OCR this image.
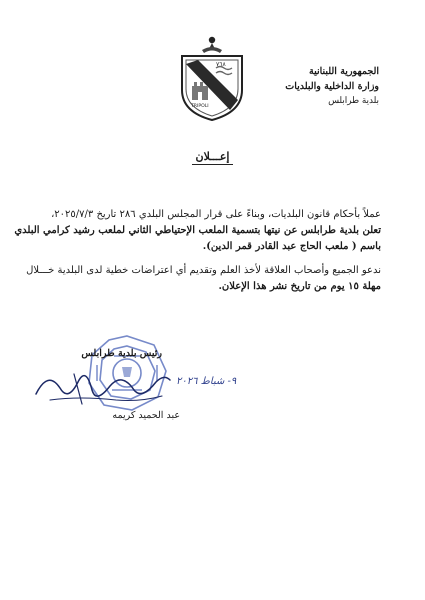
الجمهورية اللبنانية
وزارة الداخلية والبلديات
بلدية طرابلس
٧٦٨
TRIPOLI
إعـــلان

عملاً بأحكام قانون البلديات، وبناءً على قرار المجلس البلدي ٢٨٦ تاريخ ٢٠٢٥/٧/٣،

تعلن بلدية طرابلس عن نيتها بتسمية الملعب الإحتياطي الثاني لملعب رشيد كرامي البلدي

باسم ( ملعب الحاج عبد القادر قمر الدين).

ندعو الجميع وأصحاب العلاقة لأخذ العلم وتقديم أي اعتراضات خطية لدى البلدية خـــلال

مهلة ١٥ يوم من تاريخ نشر هذا الإعلان.

رئيس بلدية طرابلس
عبد الحميد كريمه
٩- شباط ٢٠٢٦
